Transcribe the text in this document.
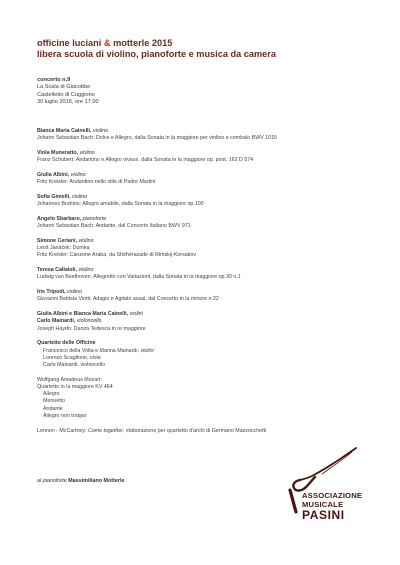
officine luciani & motterle 2015
libera scuola di violino, pianoforte e musica da camera
concerto n.9
La Scala di Giacobbe
Castelletto di Cuggiono
30 luglio 2015, ore 17.00
Bianca Maria Cainelli, violino
Johann Sebastian Bach: Dolce e Allegro, dalla Sonata in la maggiore per violino e cembalo BWV 1015
Viola Muneratto, violino
Franz Schubert: Andantino e Allegro vivace, dalla Sonata in la maggiore op. post. 162 D 574
Giulia Albini, violino
Fritz Kreisler: Andantino nello stile di Padre Martini
Sofia Gimelli, violino
Johannes Brahms: Allegro amabile, dalla Sonata in la maggiore op.100
Angelo Sbarbaro, pianoforte
Johann Sebastian Bach: Andante, dal Concerto Italiano BWV 971
Simone Ceriani, violino
Leoš Janáček: Dumka
Fritz Kreisler: Canzone Araba, da Shéhérazade di Rimskij-Korsakov
Teresa Callaioli, violino
Ludwig van Beethoven: Allegretto con Variazioni, dalla Sonata in la maggiore op.30 n.1
Iris Tripodi, violino
Giovanni Battista Viotti: Adagio e Agitato assai, dal Concerto in la minore n.22
Giulia Albini e Bianca Maria Cainelli, violini
Carlo Mainardi, violoncello
Joseph Haydn: Danza Tedesca in re maggiore
Quartetto delle Officine
Francesco della Volta e Marina Mainardi, violini
Lorenzo Scaglione, viola
Carlo Mainardi, violoncello
Wolfgang Amadeus Mozart:
Quartetto in la maggiore KV 464
Allegro
Menuetto
Andante
Allegro non troppo
Lennon - McCartney: Come together, elaborazione per quartetto d'archi di Germano Mazzocchetti
al pianoforte Massimiliano Motterle
ASSOCIAZIONE
MUSICALE
PASINI
